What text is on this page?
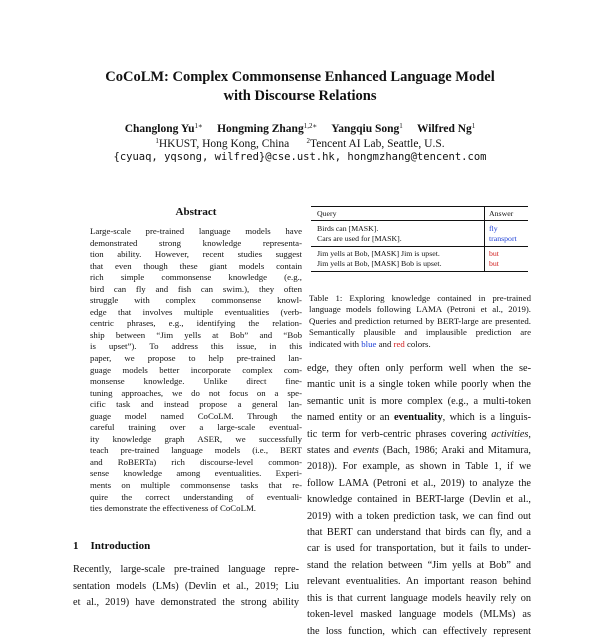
CoCoLM: Complex Commonsense Enhanced Language Model
with Discourse Relations
Changlong $Yu^{1∗}$ Hongming Zhang$^{1,2∗}$ Yangqiu Song$^1$ Wilfred Ng$^1$
$^1$HKUST, Hong Kong, China $^2$Tencent AI Lab, Seattle, U.S.
{cyuaq, yqsong, wilfred}@cse.ust.hk, hongmzhang@tencent.com
Abstract

Large-scale pre-trained language models have

demonstrated strong knowledge representa-

tion ability. However, recent studies suggest

that even though these giant models contain

rich simple commonsense knowledge (e.g.,

bird can fly and fish can swim.), they often

struggle with complex commonsense knowl-

edge that involves multiple eventualities (verb-

centric phrases, e.g., identifying the relation-

ship between “Jim yells at Bob” and “Bob

is upset”). To address this issue, in this

paper, we propose to help pre-trained lan-

guage models better incorporate complex com-

monsense knowledge. Unlike direct fine-

tuning approaches, we do not focus on a spe-

cific task and instead propose a general lan-

guage model named CoCoLM. Through the

careful training over a large-scale eventual-

ity knowledge graph ASER, we successfully

teach pre-trained language models (i.e., BERT

and RoBERTa) rich discourse-level common-

sense knowledge among eventualities. Experi-

ments on multiple commonsense tasks that re-

quire the correct understanding of eventuali-

ties demonstrate the effectiveness of CoCoLM.

1 Introduction

Recently, large-scale pre-trained language repre-

sentation models (LMs) (Devlin et al., 2019; Liu

et al., 2019) have demonstrated the strong ability

Query	Answer
Birds can [MASK].
Cars are used for [MASK].
fly
transport
Jim yells at Bob, [MASK] Jim is upset.
Jim yells at Bob, [MASK] Bob is upset.
but
but

Table 1: Exploring knowledge contained in pre-trained language models following LAMA (Petroni et al., 2019). Queries and prediction returned by BERT-large are presented. Semantically plausible and implausible prediction are indicated with blue and red colors.

edge, they often only perform well when the se-

mantic unit is a single token while poorly when the

semantic unit is more complex (e.g., a multi-token

named entity or an eventuality, which is a linguis-

tic term for verb-centric phrases covering activities,

states and events (Bach, 1986; Araki and Mitamura,

2018)). For example, as shown in Table 1, if we

follow LAMA (Petroni et al., 2019) to analyze the

knowledge contained in BERT-large (Devlin et al.,

2019) with a token prediction task, we can find out

that BERT can understand that birds can fly, and a

car is used for transportation, but it fails to under-

stand the relation between “Jim yells at Bob” and

relevant eventualities. An important reason behind

this is that current language models heavily rely on

token-level masked language models (MLMs) as

the loss function, which can effectively represent
